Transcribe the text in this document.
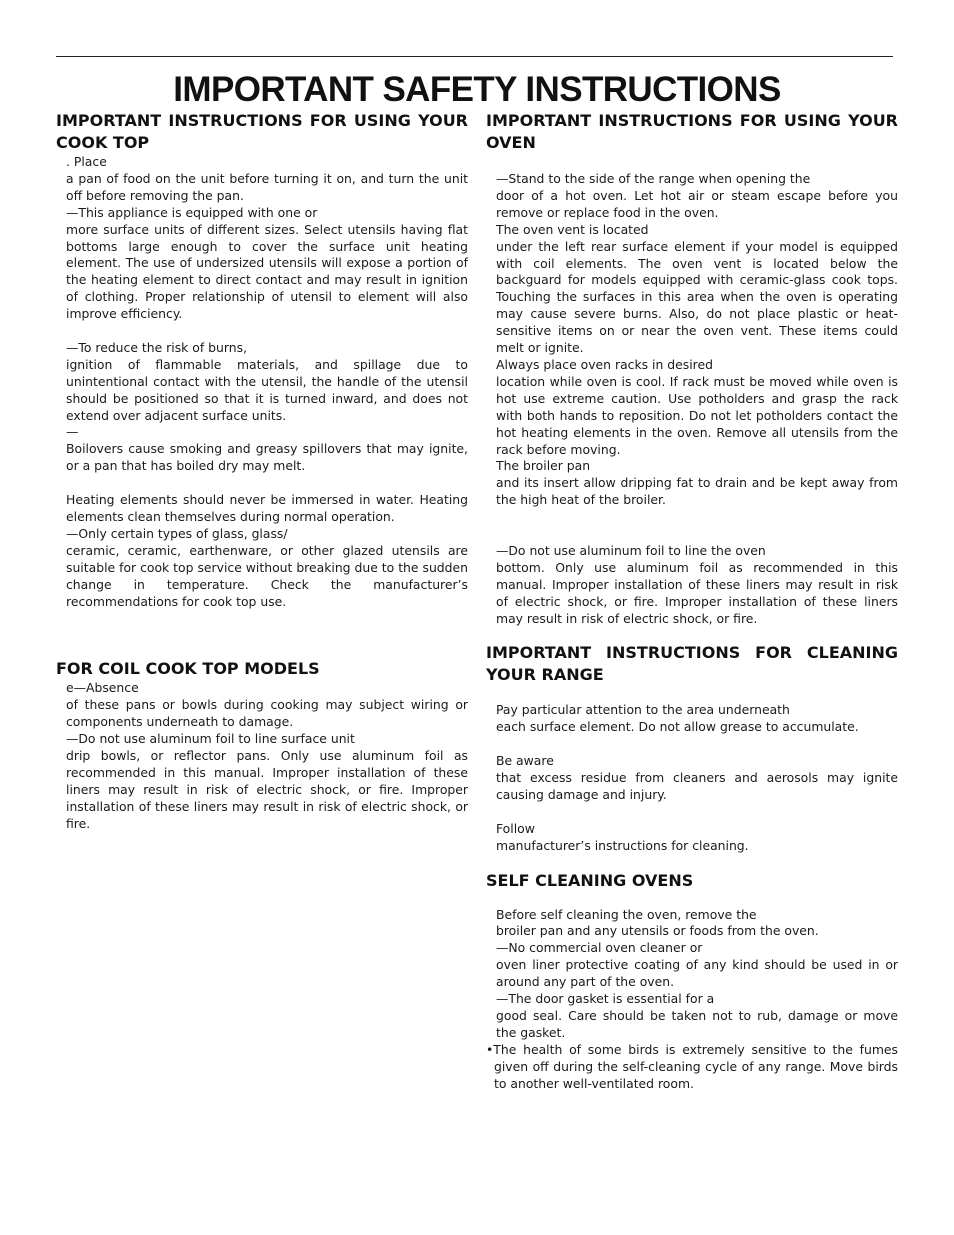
IMPORTANT SAFETY INSTRUCTIONS
IMPORTANT INSTRUCTIONS FOR USING YOUR COOK TOP
. Place
a pan of food on the unit before turning it on, and turn the unit off before removing the pan.
—This appliance is equipped with one or
more surface units of different sizes. Select utensils having flat bottoms large enough to cover the surface unit heating element. The use of undersized utensils will expose a portion of the heating element to direct contact and may result in ignition of clothing. Proper relationship of utensil to element will also improve efficiency.
—To reduce the risk of burns,
ignition of flammable materials, and spillage due to unintentional contact with the utensil, the handle of the utensil should be positioned so that it is turned inward, and does not extend over adjacent surface units.
—
Boilovers cause smoking and greasy spillovers that may ignite, or a pan that has boiled dry may melt.
Heating elements should never be immersed in water. Heating elements clean themselves during normal operation.
—Only certain types of glass, glass/
ceramic, ceramic, earthenware, or other glazed utensils are suitable for cook top service without breaking due to the sudden change in temperature. Check the manufacturer’s recommendations for cook top use.
FOR COIL COOK TOP MODELS
e—Absence
of these pans or bowls during cooking may subject wiring or components underneath to damage.
—Do not use aluminum foil to line surface unit
drip bowls, or reflector pans. Only use aluminum foil as recommended in this manual. Improper installation of these liners may result in risk of electric shock, or fire. Improper installation of these liners may result in risk of electric shock, or fire.
IMPORTANT INSTRUCTIONS FOR USING YOUR OVEN
—Stand to the side of the range when opening the
door of a hot oven. Let hot air or steam escape before you remove or replace food in the oven.
The oven vent is located
under the left rear surface element if your model is equipped with coil elements. The oven vent is located below the backguard for models equipped with ceramic-glass cook tops. Touching the surfaces in this area when the oven is operating may cause severe burns. Also, do not place plastic or heat-sensitive items on or near the oven vent. These items could melt or ignite.
Always place oven racks in desired
location while oven is cool. If rack must be moved while oven is hot use extreme caution. Use potholders and grasp the rack with both hands to reposition. Do not let potholders contact the hot heating elements in the oven. Remove all utensils from the rack before moving.
The broiler pan
and its insert allow dripping fat to drain and be kept away from the high heat of the broiler.
—Do not use aluminum foil to line the oven
bottom. Only use aluminum foil as recommended in this manual. Improper installation of these liners may result in risk of electric shock, or fire. Improper installation of these liners may result in risk of electric shock, or fire.
IMPORTANT INSTRUCTIONS FOR CLEANING YOUR RANGE
Pay particular attention to the area underneath
each surface element. Do not allow grease to accumulate.
Be aware
that excess residue from cleaners and aerosols may ignite causing damage and injury.
Follow
manufacturer’s instructions for cleaning.
SELF CLEANING OVENS
Before self cleaning the oven, remove the
broiler pan and any utensils or foods from the oven.
—No commercial oven cleaner or
oven liner protective coating of any kind should be used in or around any part of the oven.
—The door gasket is essential for a
good seal. Care should be taken not to rub, damage or move the gasket.
•The health of some birds is extremely sensitive to the fumes given off during the self-cleaning cycle of any range. Move birds to another well-ventilated room.
